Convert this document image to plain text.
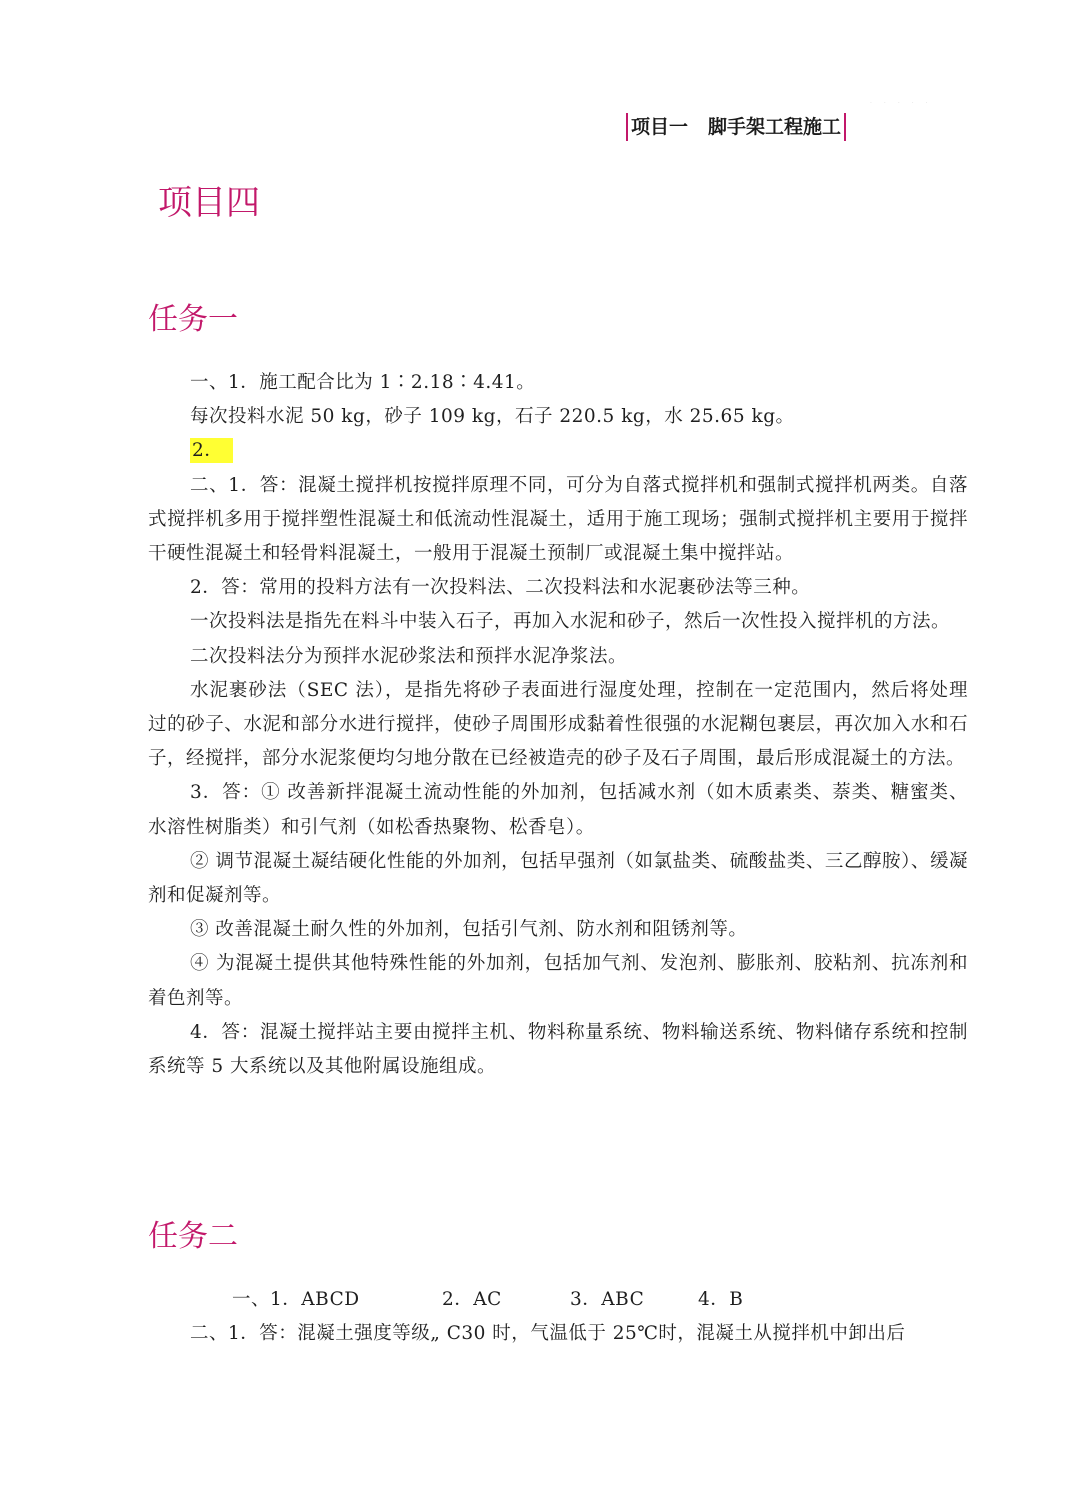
·····
项目一 脚手架工程施工
项目四
任务一

一、1．施工配合比为 1∶2.18∶4.41。

每次投料水泥 50 kg，砂子 109 kg，石子 220.5 kg，水 25.65 kg。

2．

二、1．答：混凝土搅拌机按搅拌原理不同，可分为自落式搅拌机和强制式搅拌机两类。自落式搅拌机多用于搅拌塑性混凝土和低流动性混凝土，适用于施工现场；强制式搅拌机主要用于搅拌干硬性混凝土和轻骨料混凝土，一般用于混凝土预制厂或混凝土集中搅拌站。

2．答：常用的投料方法有一次投料法、二次投料法和水泥裹砂法等三种。

一次投料法是指先在料斗中装入石子，再加入水泥和砂子，然后一次性投入搅拌机的方法。

二次投料法分为预拌水泥砂浆法和预拌水泥净浆法。

水泥裹砂法（SEC 法），是指先将砂子表面进行湿度处理，控制在一定范围内，然后将处理过的砂子、水泥和部分水进行搅拌，使砂子周围形成黏着性很强的水泥糊包裹层，再次加入水和石子，经搅拌，部分水泥浆便均匀地分散在已经被造壳的砂子及石子周围，最后形成混凝土的方法。

3．答：① 改善新拌混凝土流动性能的外加剂，包括减水剂（如木质素类、萘类、糖蜜类、水溶性树脂类）和引气剂（如松香热聚物、松香皂）。

② 调节混凝土凝结硬化性能的外加剂，包括早强剂（如氯盐类、硫酸盐类、三乙醇胺）、缓凝剂和促凝剂等。

③ 改善混凝土耐久性的外加剂，包括引气剂、防水剂和阻锈剂等。

④ 为混凝土提供其他特殊性能的外加剂，包括加气剂、发泡剂、膨胀剂、胶粘剂、抗冻剂和着色剂等。

4．答：混凝土搅拌站主要由搅拌主机、物料称量系统、物料输送系统、物料储存系统和控制系统等 5 大系统以及其他附属设施组成。

任务二
一、1．ABCD	2．AC	3．ABC	4．B

二、1．答：混凝土强度等级„ C30 时，气温低于 25℃时，混凝土从搅拌机中卸出后
